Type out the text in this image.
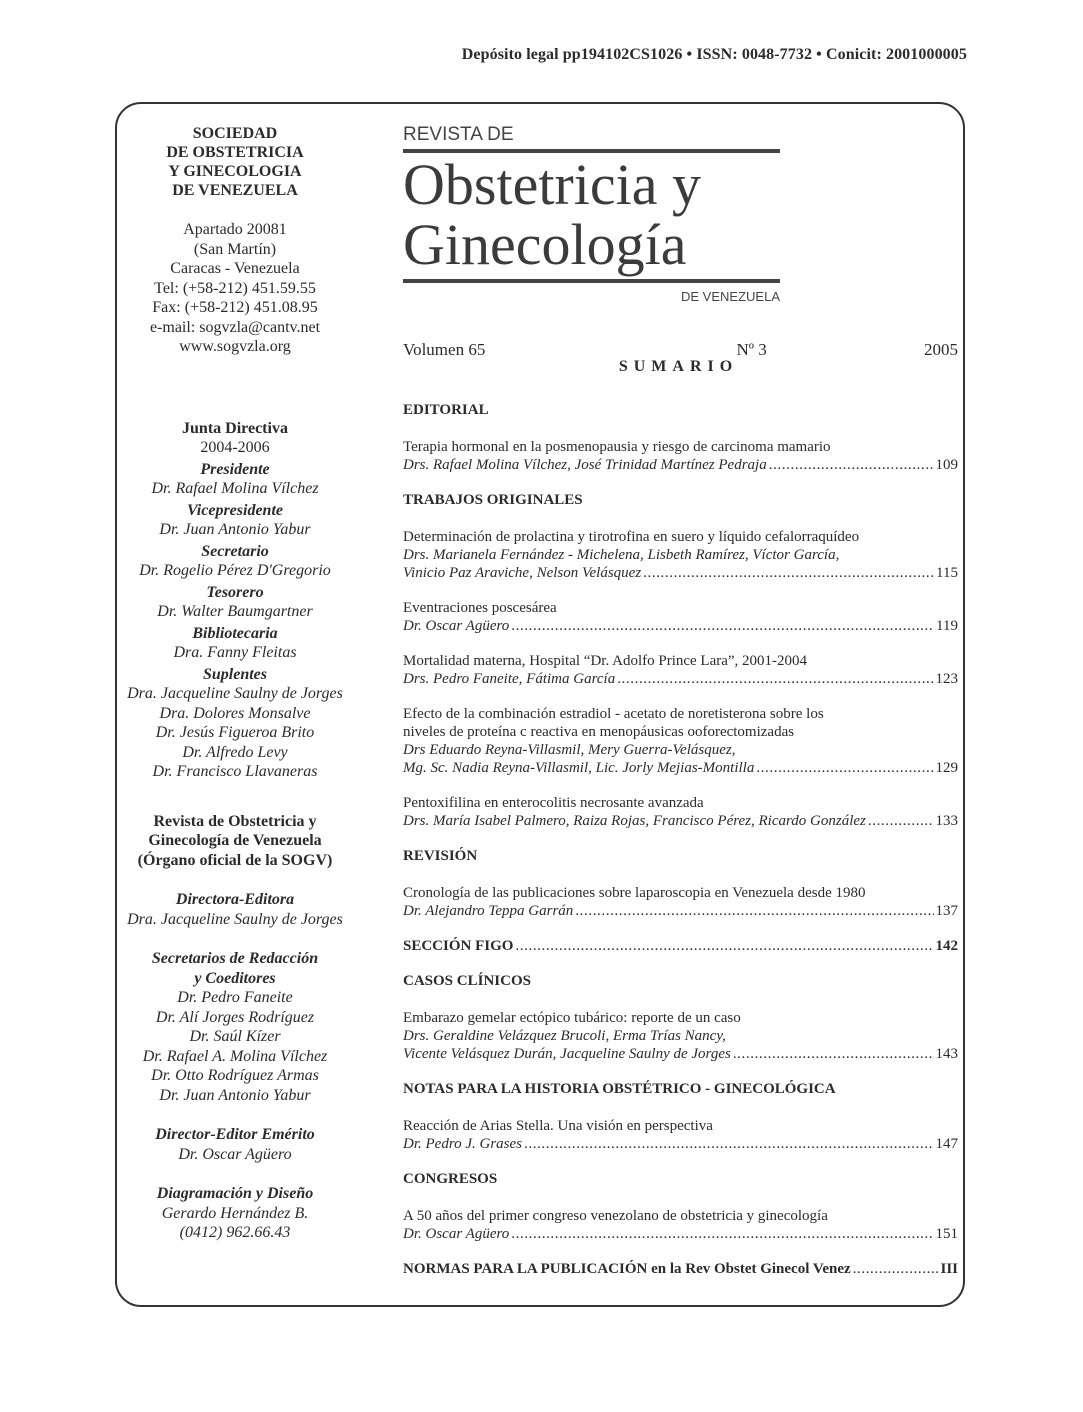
Depósito legal pp194102CS1026 • ISSN: 0048-7732 • Conicit: 2001000005
SOCIEDAD
DE OBSTETRICIA
Y GINECOLOGIA
DE VENEZUELA
Apartado 20081
(San Martín)
Caracas - Venezuela
Tel: (+58-212) 451.59.55
Fax: (+58-212) 451.08.95
e-mail: sogvzla@cantv.net
www.sogvzla.org
Junta Directiva
2004-2006
Presidente
Dr. Rafael Molina Vílchez
Vicepresidente
Dr. Juan Antonio Yabur
Secretario
Dr. Rogelio Pérez D'Gregorio
Tesorero
Dr. Walter Baumgartner
Bibliotecaria
Dra. Fanny Fleitas
Suplentes
Dra. Jacqueline Saulny de Jorges
Dra. Dolores Monsalve
Dr. Jesús Figueroa Brito
Dr. Alfredo Levy
Dr. Francisco Llavaneras
Revista de Obstetricia y
Ginecología de Venezuela
(Órgano oficial de la SOGV)
Directora-Editora
Dra. Jacqueline Saulny de Jorges
Secretarios de Redacción
y Coeditores
Dr. Pedro Faneite
Dr. Alí Jorges Rodríguez
Dr. Saúl Kízer
Dr. Rafael A. Molina Vílchez
Dr. Otto Rodríguez Armas
Dr. Juan Antonio Yabur
Director-Editor Emérito
Dr. Oscar Agüero
Diagramación y Diseño
Gerardo Hernández B.
(0412) 962.66.43
REVISTA DE
Obstetricia y
Ginecología
DE VENEZUELA
Volumen 65	Nº 3	2005
SUMARIO
EDITORIAL
Terapia hormonal en la posmenopausia y riesgo de carcinoma mamario
Drs. Rafael Molina Vílchez, José Trinidad Martínez Pedraja .....	109
TRABAJOS ORIGINALES
Determinación de prolactina y tirotrofina en suero y líquido cefalorraquídeo
Drs. Marianela Fernández - Michelena, Lisbeth Ramírez, Víctor García,
Vinicio Paz Araviche, Nelson Velásquez .....	115
Eventraciones poscesárea
Dr. Oscar Agüero .....	119
Mortalidad materna, Hospital “Dr. Adolfo Prince Lara”, 2001-2004
Drs. Pedro Faneite, Fátima García .....	123
Efecto de la combinación estradiol - acetato de noretisterona sobre los
niveles de proteína c reactiva en menopáusicas ooforectomizadas
Drs Eduardo Reyna-Villasmil, Mery Guerra-Velásquez,
Mg. Sc. Nadia Reyna-Villasmil, Lic. Jorly Mejias-Montilla .....	129
Pentoxifilina en enterocolitis necrosante avanzada
Drs. María Isabel Palmero, Raiza Rojas, Francisco Pérez, Ricardo González .....	133
REVISIÓN
Cronología de las publicaciones sobre laparoscopia en Venezuela desde 1980
Dr. Alejandro Teppa Garrán .....	137
SECCIÓN FIGO .....	142
CASOS CLÍNICOS
Embarazo gemelar ectópico tubárico: reporte de un caso
Drs. Geraldine Velázquez Brucoli, Erma Trías Nancy,
Vicente Velásquez Durán, Jacqueline Saulny de Jorges .....	143
NOTAS PARA LA HISTORIA OBSTÉTRICO - GINECOLÓGICA
Reacción de Arias Stella. Una visión en perspectiva
Dr. Pedro J. Grases .....	147
CONGRESOS
A 50 años del primer congreso venezolano de obstetricia y ginecología
Dr. Oscar Agüero .....	151
NORMAS PARA LA PUBLICACIÓN en la Rev Obstet Ginecol Venez .....	III
